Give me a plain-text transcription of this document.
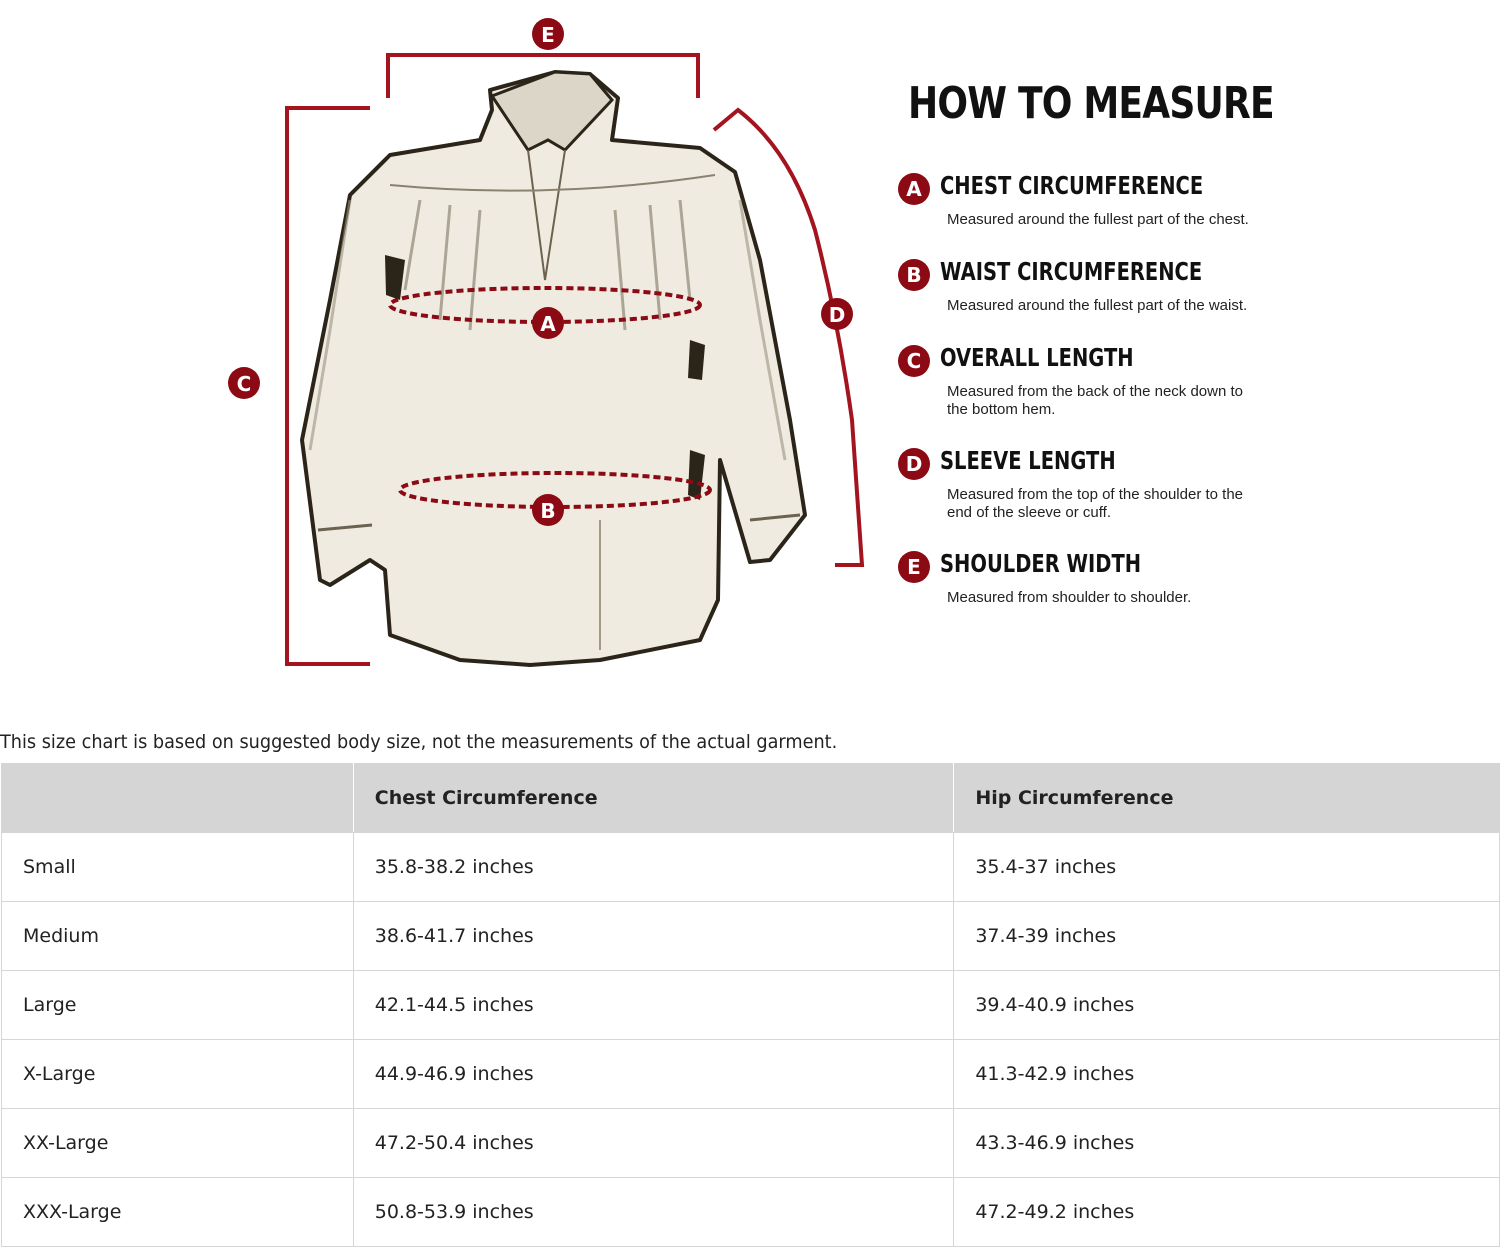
A
B
C
D
E
HOW TO MEASURE
A CHEST CIRCUMFERENCE
Measured around the fullest part of the chest.
B WAIST CIRCUMFERENCE
Measured around the fullest part of the waist.
C OVERALL LENGTH
Measured from the back of the neck down to the bottom hem.
D SLEEVE LENGTH
Measured from the top of the shoulder to the end of the sleeve or cuff.
E SHOULDER WIDTH
Measured from shoulder to shoulder.
This size chart is based on suggested body size, not the measurements of the actual garment.
	Chest Circumference	Hip Circumference
Small	35.8-38.2 inches	35.4-37 inches
Medium	38.6-41.7 inches	37.4-39 inches
Large	42.1-44.5 inches	39.4-40.9 inches
X-Large	44.9-46.9 inches	41.3-42.9 inches
XX-Large	47.2-50.4 inches	43.3-46.9 inches
XXX-Large	50.8-53.9 inches	47.2-49.2 inches
